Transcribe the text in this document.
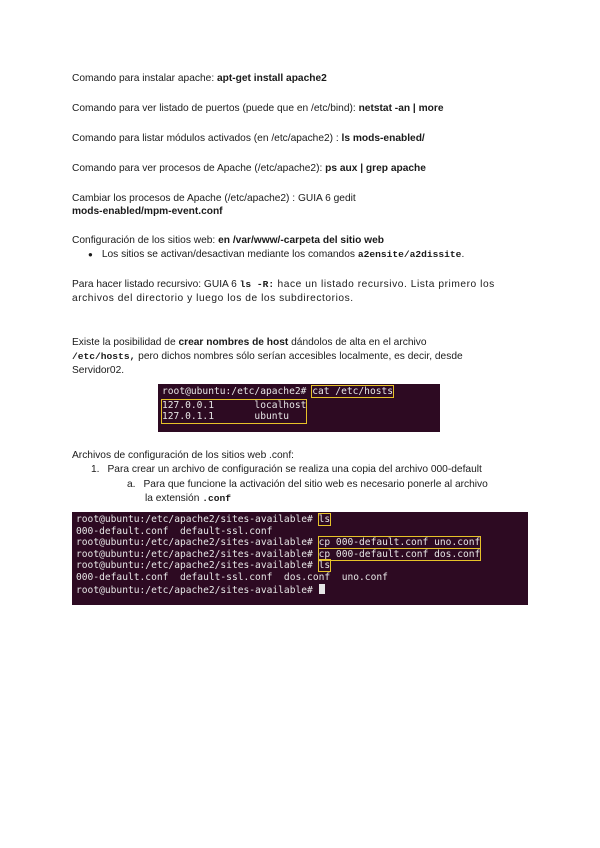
Comando para instalar apache: apt-get install apache2

Comando para ver listado de puertos (puede que en /etc/bind): netstat -an | more

Comando para listar módulos activados (en /etc/apache2) : ls mods-enabled/

Comando para ver procesos de Apache (/etc/apache2): ps aux | grep apache

Cambiar los procesos de Apache (/etc/apache2) : GUIA 6 gedit

mods-enabled/mpm-event.conf

Configuración de los sitios web: en /var/www/-carpeta del sitio web

● Los sitios se activan/desactivan mediante los comandos a2ensite/a2dissite.

Para hacer listado recursivo: GUIA 6 ls -R: hace un listado recursivo. Lista primero los

archivos del directorio y luego los de los subdirectorios.

Existe la posibilidad de crear nombres de host dándolos de alta en el archivo

/etc/hosts, pero dichos nombres sólo serían accesibles localmente, es decir, desde

Servidor02.

root@ubuntu:/etc/apache2# cat /etc/hosts
127.0.0.1       localhost
127.0.1.1       ubuntu

Archivos de configuración de los sitios web .conf:

1. Para crear un archivo de configuración se realiza una copia del archivo 000-default

a. Para que funcione la activación del sitio web es necesario ponerle al archivo

la extensión .conf

root@ubuntu:/etc/apache2/sites-available# ls
000-default.conf  default-ssl.conf
root@ubuntu:/etc/apache2/sites-available# cp 000-default.conf uno.conf
root@ubuntu:/etc/apache2/sites-available# cp 000-default.conf dos.conf
root@ubuntu:/etc/apache2/sites-available# ls
000-default.conf  default-ssl.conf  dos.conf  uno.conf
root@ubuntu:/etc/apache2/sites-available#
